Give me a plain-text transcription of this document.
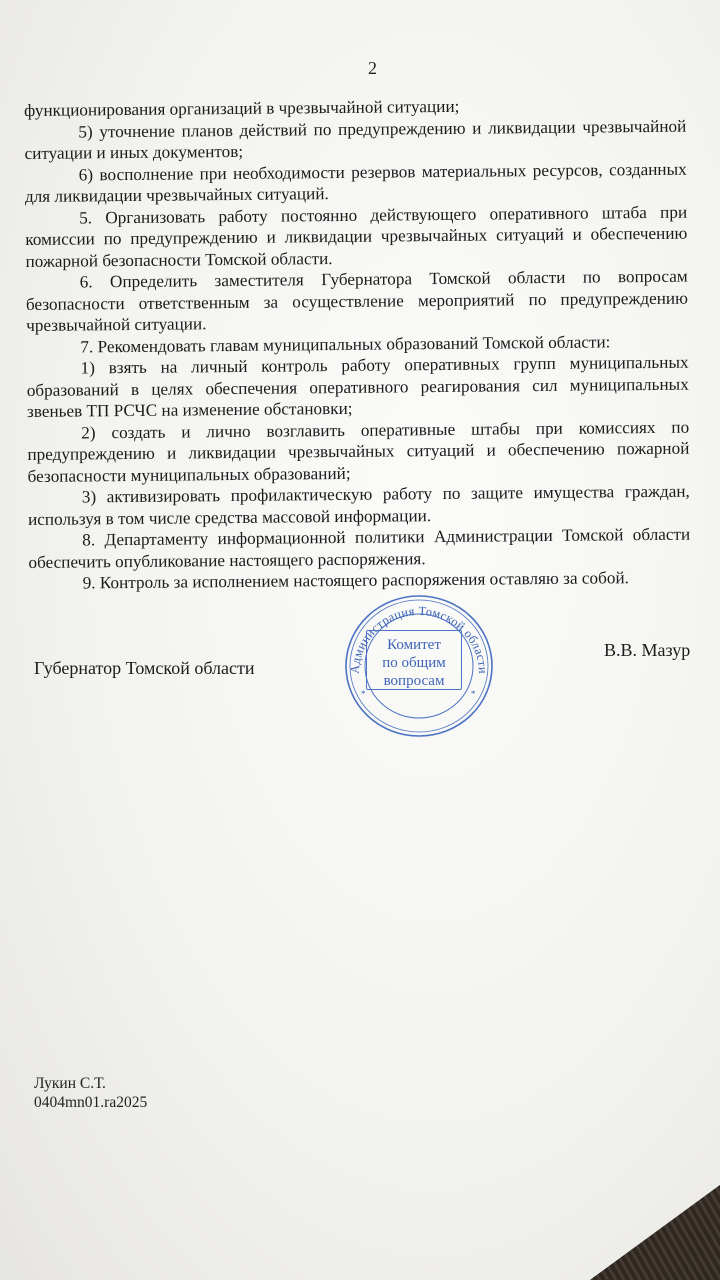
2

функционирования организаций в чрезвычайной ситуации;

5) уточнение планов действий по предупреждению и ликвидации чрезвычайной ситуации и иных документов;

6) восполнение при необходимости резервов материальных ресурсов, созданных для ликвидации чрезвычайных ситуаций.

5. Организовать работу постоянно действующего оперативного штаба при комиссии по предупреждению и ликвидации чрезвычайных ситуаций и обеспечению пожарной безопасности Томской области.

6. Определить заместителя Губернатора Томской области по вопросам безопасности ответственным за осуществление мероприятий по предупреждению чрезвычайной ситуации.

7. Рекомендовать главам муниципальных образований Томской области:

1) взять на личный контроль работу оперативных групп муниципальных образований в целях обеспечения оперативного реагирования сил муниципальных звеньев ТП РСЧС на изменение обстановки;

2) создать и лично возглавить оперативные штабы при комиссиях по предупреждению и ликвидации чрезвычайных ситуаций и обеспечению пожарной безопасности муниципальных образований;

3) активизировать профилактическую работу по защите имущества граждан, используя в том числе средства массовой информации.

8. Департаменту информационной политики Администрации Томской области обеспечить опубликование настоящего распоряжения.

9. Контроль за исполнением настоящего распоряжения оставляю за собой.

Губернатор Томской области
В.В. Мазур
Администрация Томской области
*	*
Комитет
по общим
вопросам
Лукин С.Т.
0404mn01.ra2025
